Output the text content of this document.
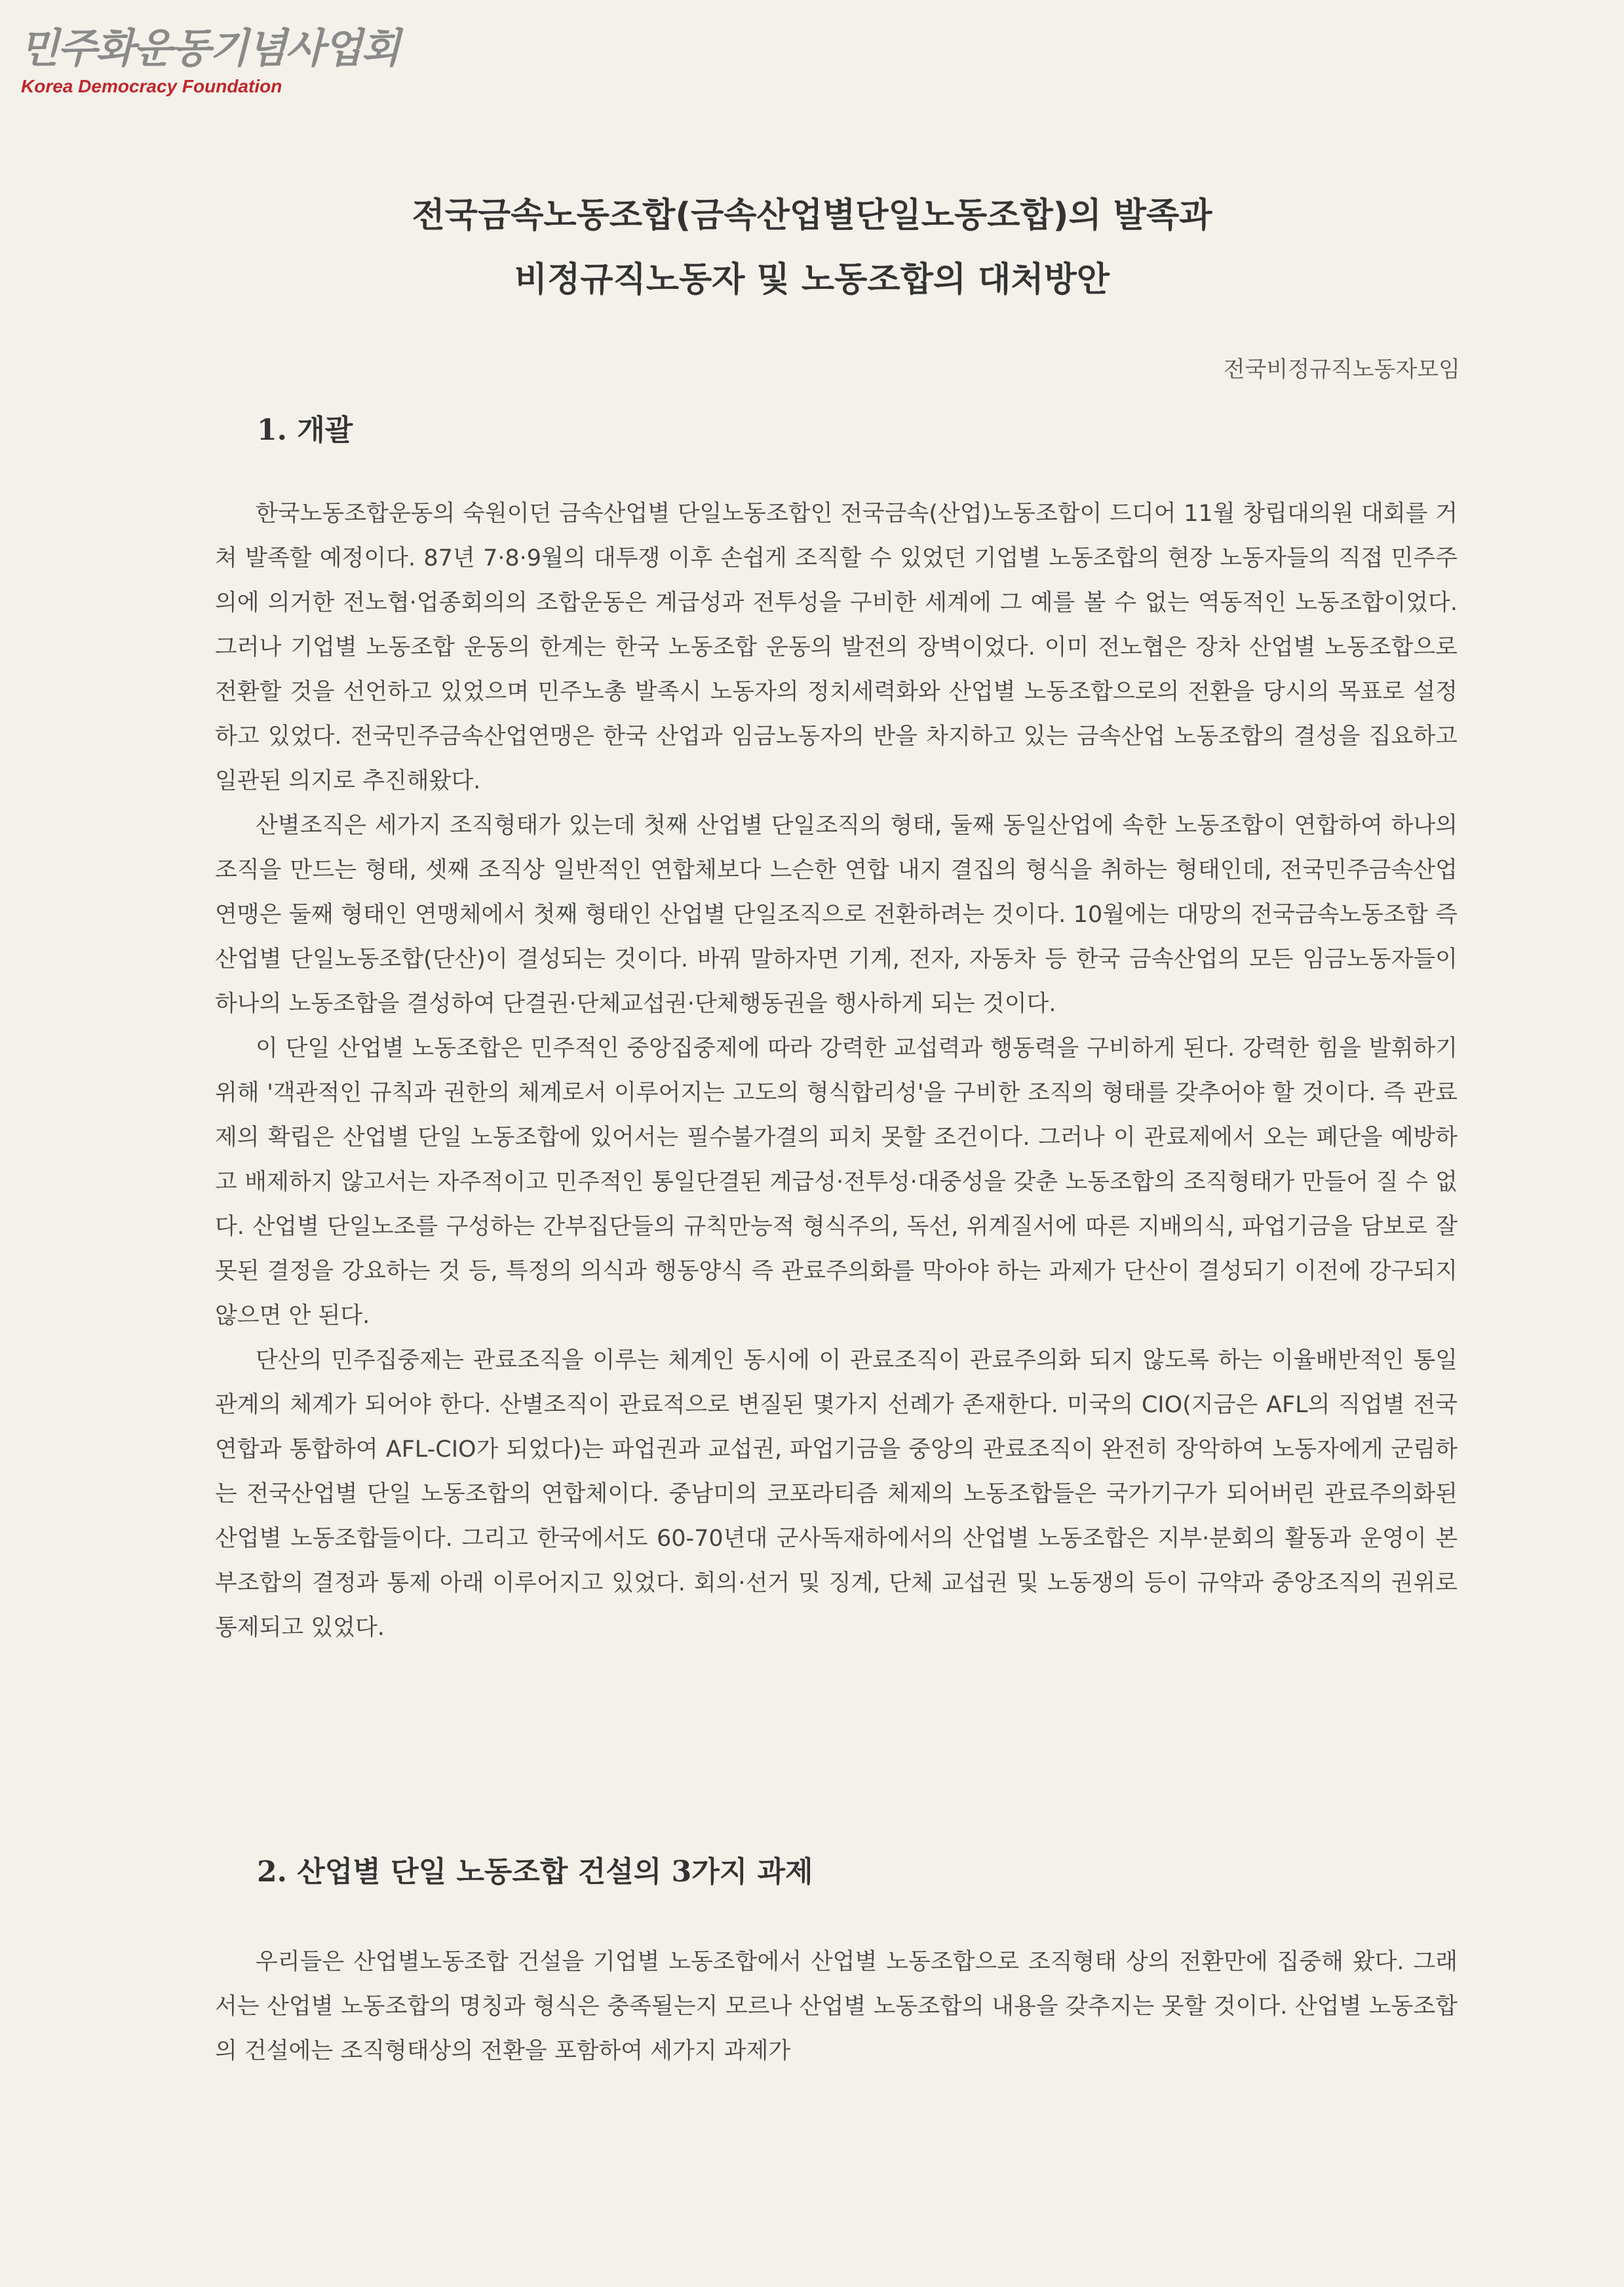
민주화운동기념사업회
Korea Democracy Foundation
전국금속노동조합(금속산업별단일노동조합)의 발족과
비정규직노동자 및 노동조합의 대처방안
전국비정규직노동자모임
1. 개괄

한국노동조합운동의 숙원이던 금속산업별 단일노동조합인 전국금속(산업)노동조합이 드디어 11월 창립대의원 대회를 거쳐 발족할 예정이다. 87년 7·8·9월의 대투쟁 이후 손쉽게 조직할 수 있었던 기업별 노동조합의 현장 노동자들의 직접 민주주의에 의거한 전노협·업종회의의 조합운동은 계급성과 전투성을 구비한 세계에 그 예를 볼 수 없는 역동적인 노동조합이었다. 그러나 기업별 노동조합 운동의 한계는 한국 노동조합 운동의 발전의 장벽이었다. 이미 전노협은 장차 산업별 노동조합으로 전환할 것을 선언하고 있었으며 민주노총 발족시 노동자의 정치세력화와 산업별 노동조합으로의 전환을 당시의 목표로 설정하고 있었다. 전국민주금속산업연맹은 한국 산업과 임금노동자의 반을 차지하고 있는 금속산업 노동조합의 결성을 집요하고 일관된 의지로 추진해왔다.

산별조직은 세가지 조직형태가 있는데 첫째 산업별 단일조직의 형태, 둘째 동일산업에 속한 노동조합이 연합하여 하나의 조직을 만드는 형태, 셋째 조직상 일반적인 연합체보다 느슨한 연합 내지 결집의 형식을 취하는 형태인데, 전국민주금속산업연맹은 둘째 형태인 연맹체에서 첫째 형태인 산업별 단일조직으로 전환하려는 것이다. 10월에는 대망의 전국금속노동조합 즉 산업별 단일노동조합(단산)이 결성되는 것이다. 바꿔 말하자면 기계, 전자, 자동차 등 한국 금속산업의 모든 임금노동자들이 하나의 노동조합을 결성하여 단결권·단체교섭권·단체행동권을 행사하게 되는 것이다.

이 단일 산업별 노동조합은 민주적인 중앙집중제에 따라 강력한 교섭력과 행동력을 구비하게 된다. 강력한 힘을 발휘하기 위해 '객관적인 규칙과 권한의 체계로서 이루어지는 고도의 형식합리성'을 구비한 조직의 형태를 갖추어야 할 것이다. 즉 관료제의 확립은 산업별 단일 노동조합에 있어서는 필수불가결의 피치 못할 조건이다. 그러나 이 관료제에서 오는 폐단을 예방하고 배제하지 않고서는 자주적이고 민주적인 통일단결된 계급성·전투성·대중성을 갖춘 노동조합의 조직형태가 만들어 질 수 없다. 산업별 단일노조를 구성하는 간부집단들의 규칙만능적 형식주의, 독선, 위계질서에 따른 지배의식, 파업기금을 담보로 잘못된 결정을 강요하는 것 등, 특정의 의식과 행동양식 즉 관료주의화를 막아야 하는 과제가 단산이 결성되기 이전에 강구되지 않으면 안 된다.

단산의 민주집중제는 관료조직을 이루는 체계인 동시에 이 관료조직이 관료주의화 되지 않도록 하는 이율배반적인 통일관계의 체계가 되어야 한다. 산별조직이 관료적으로 변질된 몇가지 선례가 존재한다. 미국의 CIO(지금은 AFL의 직업별 전국연합과 통합하여 AFL-CIO가 되었다)는 파업권과 교섭권, 파업기금을 중앙의 관료조직이 완전히 장악하여 노동자에게 군림하는 전국산업별 단일 노동조합의 연합체이다. 중남미의 코포라티즘 체제의 노동조합들은 국가기구가 되어버린 관료주의화된 산업별 노동조합들이다. 그리고 한국에서도 60-70년대 군사독재하에서의 산업별 노동조합은 지부·분회의 활동과 운영이 본부조합의 결정과 통제 아래 이루어지고 있었다. 회의·선거 및 징계, 단체 교섭권 및 노동쟁의 등이 규약과 중앙조직의 권위로 통제되고 있었다.

2. 산업별 단일 노동조합 건설의 3가지 과제

우리들은 산업별노동조합 건설을 기업별 노동조합에서 산업별 노동조합으로 조직형태 상의 전환만에 집중해 왔다. 그래서는 산업별 노동조합의 명칭과 형식은 충족될는지 모르나 산업별 노동조합의 내용을 갖추지는 못할 것이다. 산업별 노동조합의 건설에는 조직형태상의 전환을 포함하여 세가지 과제가
